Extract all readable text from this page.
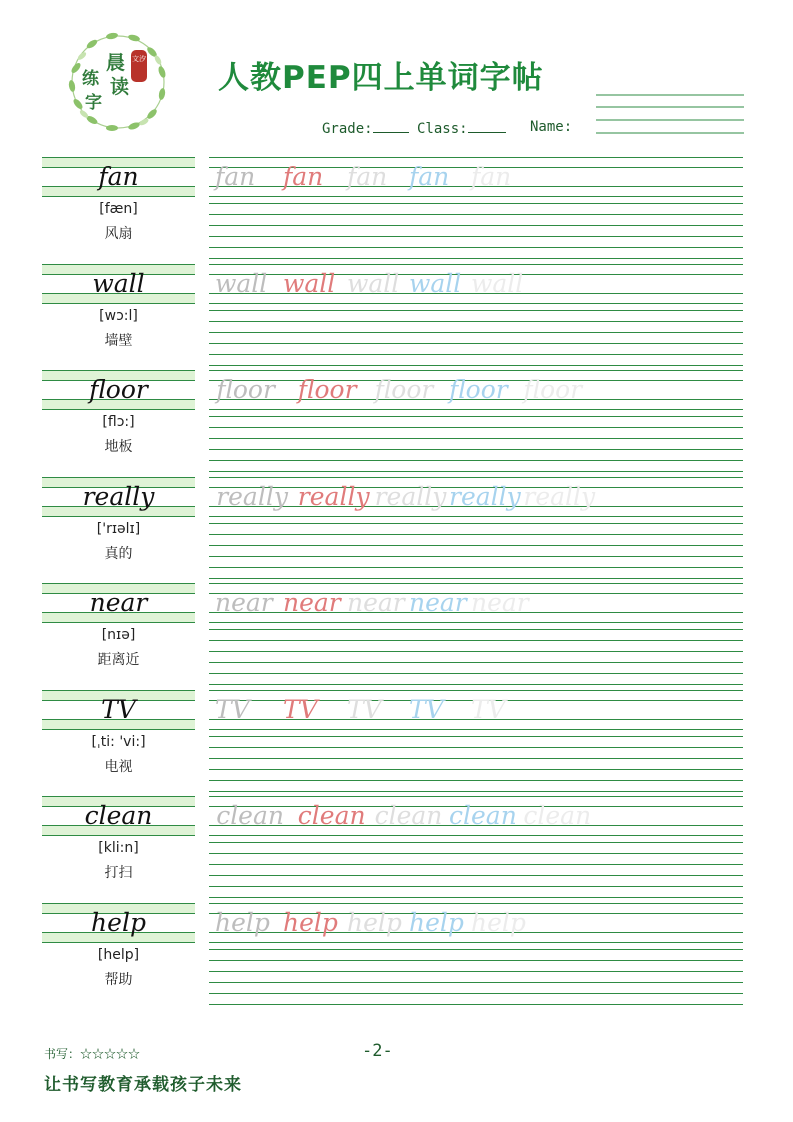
晨
读
练
字
文汐
人教PEP四上单词字帖
Grade:	Class:	Name:
fan
[fæn]
风扇
fan fan fan fan fan
wall
[wɔ:l]
墙壁
wall wall wall wall wall
floor
[flɔ:]
地板
floor floor floor floor floor
really
['rɪəlɪ]
真的
really really really really really
near
[nɪə]
距离近
near near near near near
TV
[ˌti: 'vi:]
电视
TV TV TV TV TV
clean
[kli:n]
打扫
clean clean clean clean clean
help
[help]
帮助
help help help help help
书写：☆☆☆☆☆	-2-
让书写教育承载孩子未来
